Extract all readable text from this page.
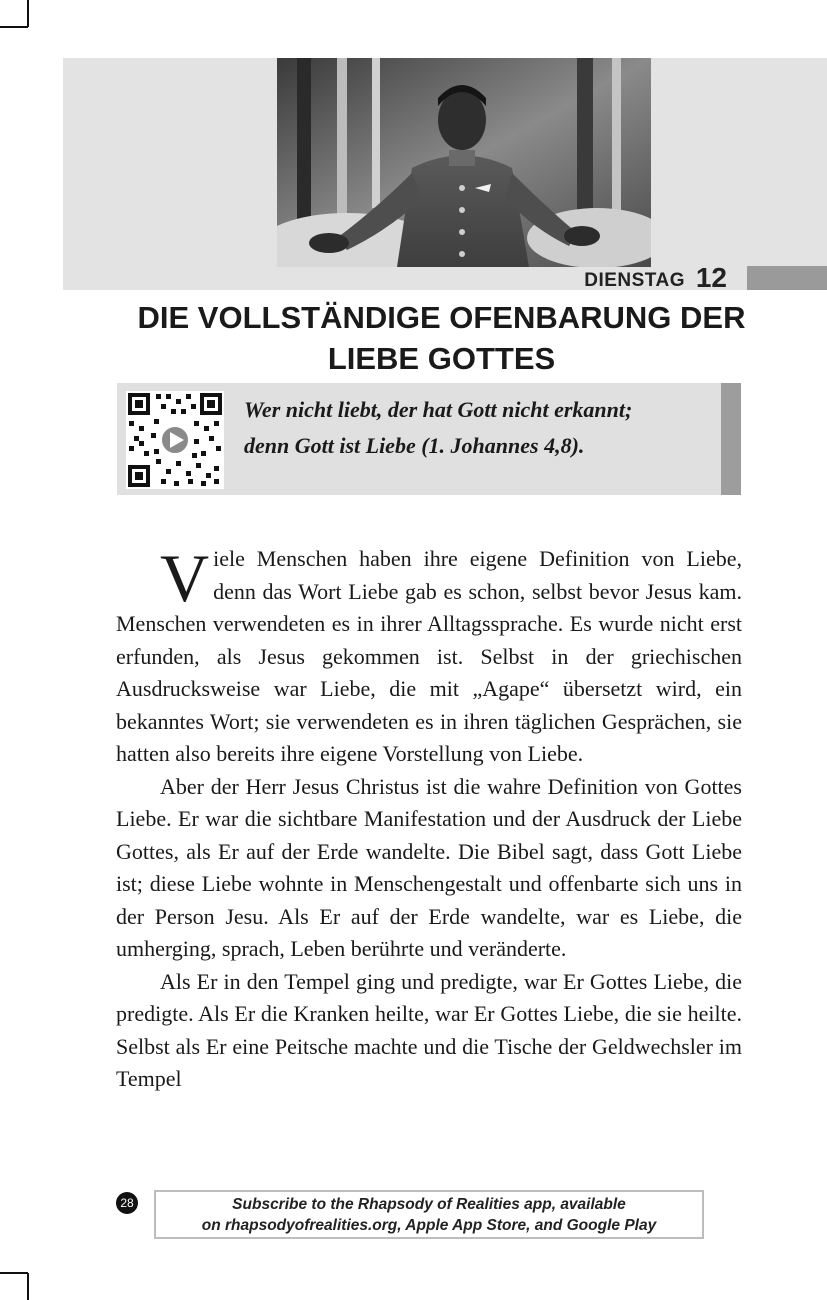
DIENSTAG 12
DIE VOLLSTÄNDIGE OFENBARUNG DER
LIEBE GOTTES
Wer nicht liebt, der hat Gott nicht erkannt;
denn Gott ist Liebe (1. Johannes 4,8).

Viele Menschen haben ihre eigene Definition von Liebe, denn das Wort Liebe gab es schon, selbst bevor Jesus kam. Menschen verwendeten es in ihrer Alltagssprache. Es wurde nicht erst erfunden, als Jesus gekommen ist. Selbst in der griechischen Ausdrucksweise war Liebe, die mit „Agape“ übersetzt wird, ein bekanntes Wort; sie verwendeten es in ihren täglichen Gesprächen, sie hatten also bereits ihre eigene Vorstellung von Liebe.

Aber der Herr Jesus Christus ist die wahre Definition von Gottes Liebe. Er war die sichtbare Manifestation und der Ausdruck der Liebe Gottes, als Er auf der Erde wandelte. Die Bibel sagt, dass Gott Liebe ist; diese Liebe wohnte in Menschengestalt und offenbarte sich uns in der Person Jesu. Als Er auf der Erde wandelte, war es Liebe, die umherging, sprach, Leben berührte und veränderte.

Als Er in den Tempel ging und predigte, war Er Gottes Liebe, die predigte. Als Er die Kranken heilte, war Er Gottes Liebe, die sie heilte. Selbst als Er eine Peitsche machte und die Tische der Geldwechsler im Tempel

28	Subscribe to the Rhapsody of Realities app, available
on rhapsodyofrealities.org, Apple App Store, and Google Play
